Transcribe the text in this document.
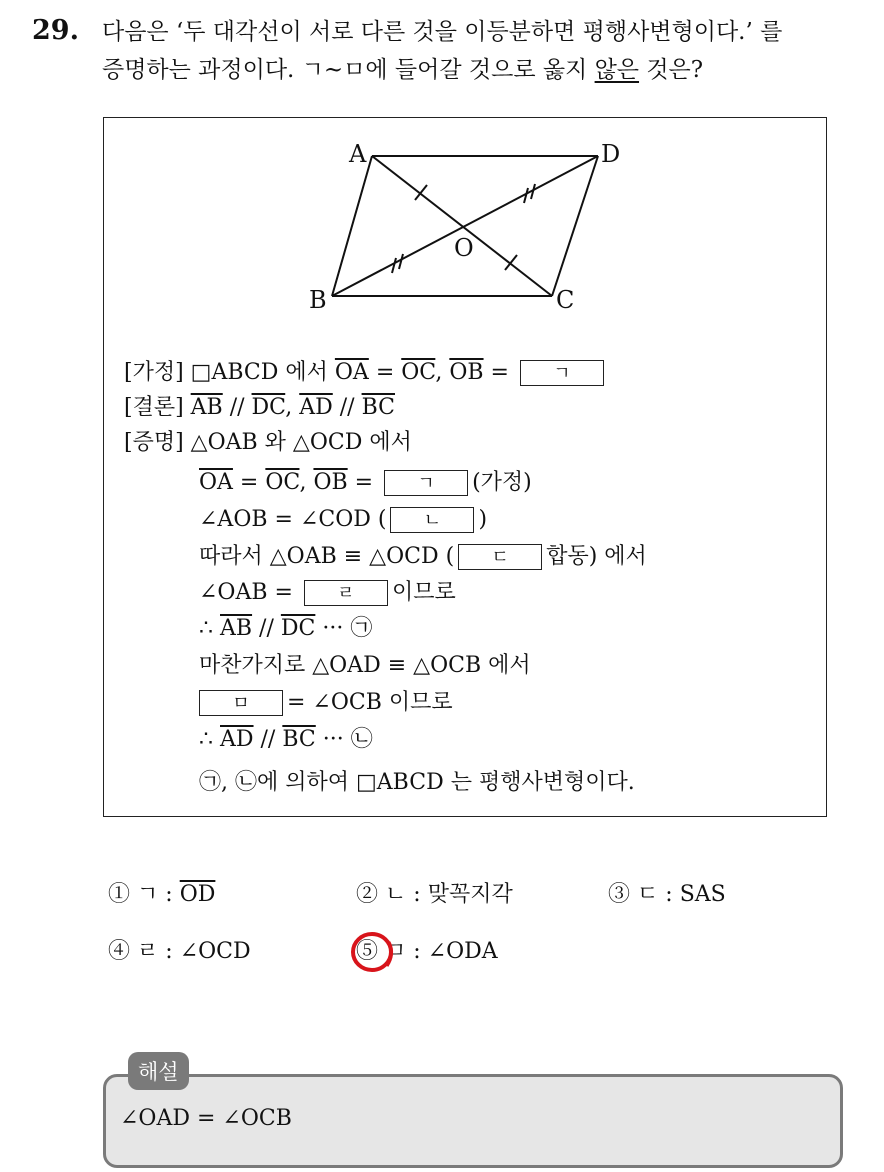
29. 다음은 ‘두 대각선이 서로 다른 것을 이등분하면 평행사변형이다.’ 를
증명하는 과정이다. ㄱ~ㅁ에 들어갈 것으로 옳지 않은 것은?
A	D
B	C
O
[가정] □ABCD 에서 $\overline{OA} = \overline{OC}$, $\overline{OB}$ = ㄱ
[결론] $\overline{AB} // \overline{DC}$, $\overline{AD} // \overline{BC}$
[증명] △OAB 와 △OCD 에서
$\overline{OA} = \overline{OC}$, $\overline{OB}$ = ㄱ (가정)
∠AOB = ∠COD ( ㄴ )
따라서 △OAB ≡ △OCD ( ㄷ 합동) 에서
∠OAB = ㄹ 이므로
∴ $\overline{AB} // \overline{DC}$ ··· ㉠
마찬가지로 △OAD ≡ △OCB 에서
ㅁ = ∠OCB 이므로
∴ $\overline{AD} // \overline{BC}$ ··· ㉡
㉠, ㉡에 의하여 □ABCD 는 평행사변형이다.
① ㄱ : $\overline{OD}$	② ㄴ : 맞꼭지각	③ ㄷ : SAS
④ ㄹ : ∠OCD	⑤ ㅁ : ∠ODA
해설
∠OAD = ∠OCB
